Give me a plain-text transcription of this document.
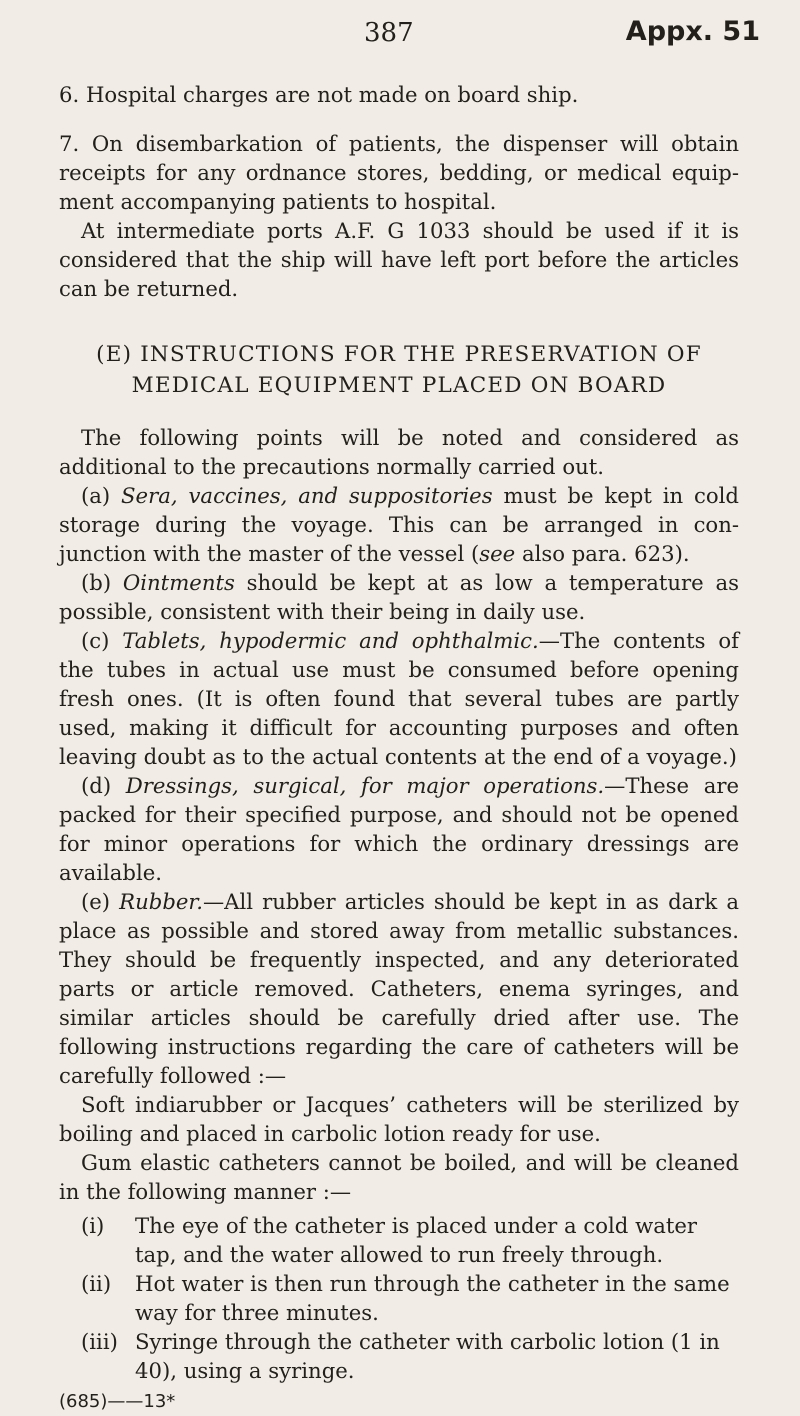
387	Appx. 51

6. Hospital charges are not made on board ship.

7. On disembarkation of patients, the dispenser will obtain receipts for any ordnance stores, bedding, or medical equip- ment accompanying patients to hospital.

At intermediate ports A.F. G 1033 should be used if it is considered that the ship will have left port before the articles can be returned.

(E) INSTRUCTIONS FOR THE PRESERVATION OF
MEDICAL EQUIPMENT PLACED ON BOARD

The following points will be noted and considered as additional to the precautions normally carried out.

(a) Sera, vaccines, and suppositories must be kept in cold storage during the voyage. This can be arranged in con- junction with the master of the vessel (see also para. 623).

(b) Ointments should be kept at as low a temperature as possible, consistent with their being in daily use.

(c) Tablets, hypodermic and ophthalmic.—The contents of the tubes in actual use must be consumed before opening fresh ones. (It is often found that several tubes are partly used, making it difficult for accounting purposes and often leaving doubt as to the actual contents at the end of a voyage.)

(d) Dressings, surgical, for major operations.—These are packed for their specified purpose, and should not be opened for minor operations for which the ordinary dressings are available.

(e) Rubber.—All rubber articles should be kept in as dark a place as possible and stored away from metallic substances. They should be frequently inspected, and any deteriorated parts or article removed. Catheters, enema syringes, and similar articles should be carefully dried after use. The following instructions regarding the care of catheters will be carefully followed :—

Soft indiarubber or Jacques’ catheters will be sterilized by boiling and placed in carbolic lotion ready for use.

Gum elastic catheters cannot be boiled, and will be cleaned in the following manner :—

(i)	The eye of the catheter is placed under a cold water tap, and the water allowed to run freely through.
(ii)	Hot water is then run through the catheter in the same way for three minutes.
(iii) Syringe through the catheter with carbolic lotion (1 in 40), using a syringe.
(685)——13*
